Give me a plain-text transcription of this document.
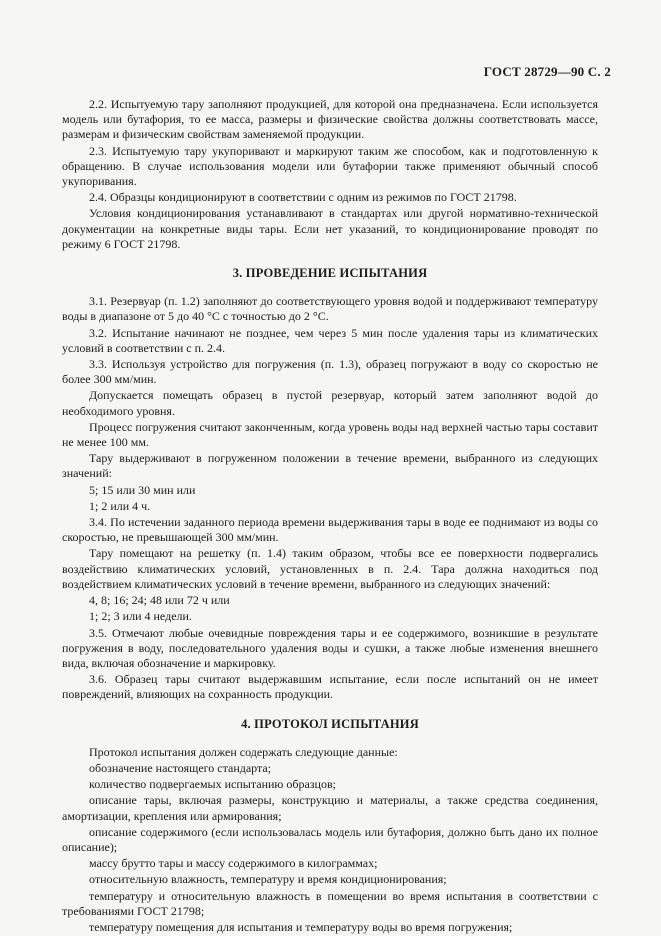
ГОСТ 28729—90 С. 2

2.2. Испытуемую тару заполняют продукцией, для которой она предназначена. Если используется модель или бутафория, то ее масса, размеры и физические свойства должны соответствовать массе, размерам и физическим свойствам заменяемой продукции.

2.3. Испытуемую тару укупоривают и маркируют таким же способом, как и подготовленную к обращению. В случае использования модели или бутафории также применяют обычный способ укупоривания.

2.4. Образцы кондиционируют в соответствии с одним из режимов по ГОСТ 21798.

Условия кондиционирования устанавливают в стандартах или другой нормативно-технической документации на конкретные виды тары. Если нет указаний, то кондиционирование проводят по режиму 6 ГОСТ 21798.

3. ПРОВЕДЕНИЕ ИСПЫТАНИЯ

3.1. Резервуар (п. 1.2) заполняют до соответствующего уровня водой и поддерживают температуру воды в диапазоне от 5 до 40 °С с точностью до 2 °С.

3.2. Испытание начинают не позднее, чем через 5 мин после удаления тары из климатических условий в соответствии с п. 2.4.

3.3. Используя устройство для погружения (п. 1.3), образец погружают в воду со скоростью не более 300 мм/мин.

Допускается помещать образец в пустой резервуар, который затем заполняют водой до необходимого уровня.

Процесс погружения считают законченным, когда уровень воды над верхней частью тары составит не менее 100 мм.

Тару выдерживают в погруженном положении в течение времени, выбранного из следующих значений:

5; 15 или 30 мин или

1; 2 или 4 ч.

3.4. По истечении заданного периода времени выдерживания тары в воде ее поднимают из воды со скоростью, не превышающей 300 мм/мин.

Тару помещают на решетку (п. 1.4) таким образом, чтобы все ее поверхности подвергались воздействию климатических условий, установленных в п. 2.4. Тара должна находиться под воздействием климатических условий в течение времени, выбранного из следующих значений:

4, 8; 16; 24; 48 или 72 ч или

1; 2; 3 или 4 недели.

3.5. Отмечают любые очевидные повреждения тары и ее содержимого, возникшие в результате погружения в воду, последовательного удаления воды и сушки, а также любые изменения внешнего вида, включая обозначение и маркировку.

3.6. Образец тары считают выдержавшим испытание, если после испытаний он не имеет повреждений, влияющих на сохранность продукции.

4. ПРОТОКОЛ ИСПЫТАНИЯ

Протокол испытания должен содержать следующие данные:

обозначение настоящего стандарта;

количество подвергаемых испытанию образцов;

описание тары, включая размеры, конструкцию и материалы, а также средства соединения, амортизации, крепления или армирования;

описание содержимого (если использовалась модель или бутафория, должно быть дано их полное описание);

массу брутто тары и массу содержимого в килограммах;

относительную влажность, температуру и время кондиционирования;

температуру и относительную влажность в помещении во время испытания в соответствии с требованиями ГОСТ 21798;

температуру помещения для испытания и температуру воды во время погружения;
